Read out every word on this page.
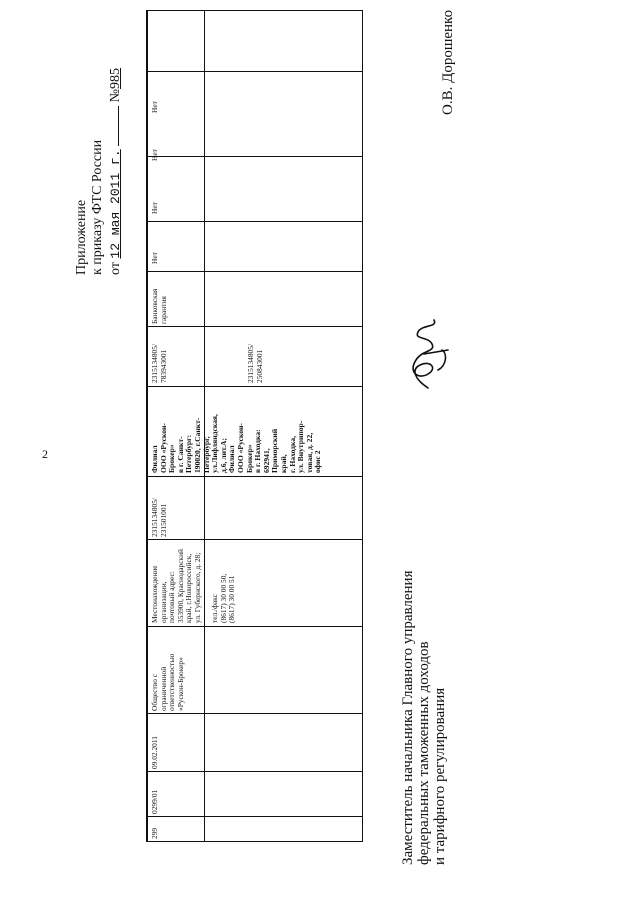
2
Приложение к приказу ФТС России от 12 мая 2011 г.  №985
Нет
Нет
Нет
Нет
Банковская гарантия
2315134805/ 783943001	2315134805/ 250843001
Филиал ООО «Рускон- Брокер» в г. Санкт- Петербург: 190020, г.Санкт- Петербург, ул.Лифляндская, д.6, лит.А; Филиал ООО «Рускон- Брокер» в г. Находка: 692941, Приморский край, г. Находка, ул. Внутрипор- товая, д. 22, офис 2
2315134805/ 231501001
Местонахождение организации, почтовый адрес: 353900, Краснодарский край, г.Новороссийск, ул. Губернского, д. 28;
тел./факс (8617) 30 00 50, (8617) 30 00 51
Общество с ограниченной ответственностью «Рускон-Брокер»
09.02.2011
0299/01
299	Заместитель начальника Главного управления федеральных таможенных доходов и тарифного регулирования
О.В. Дорошенко
